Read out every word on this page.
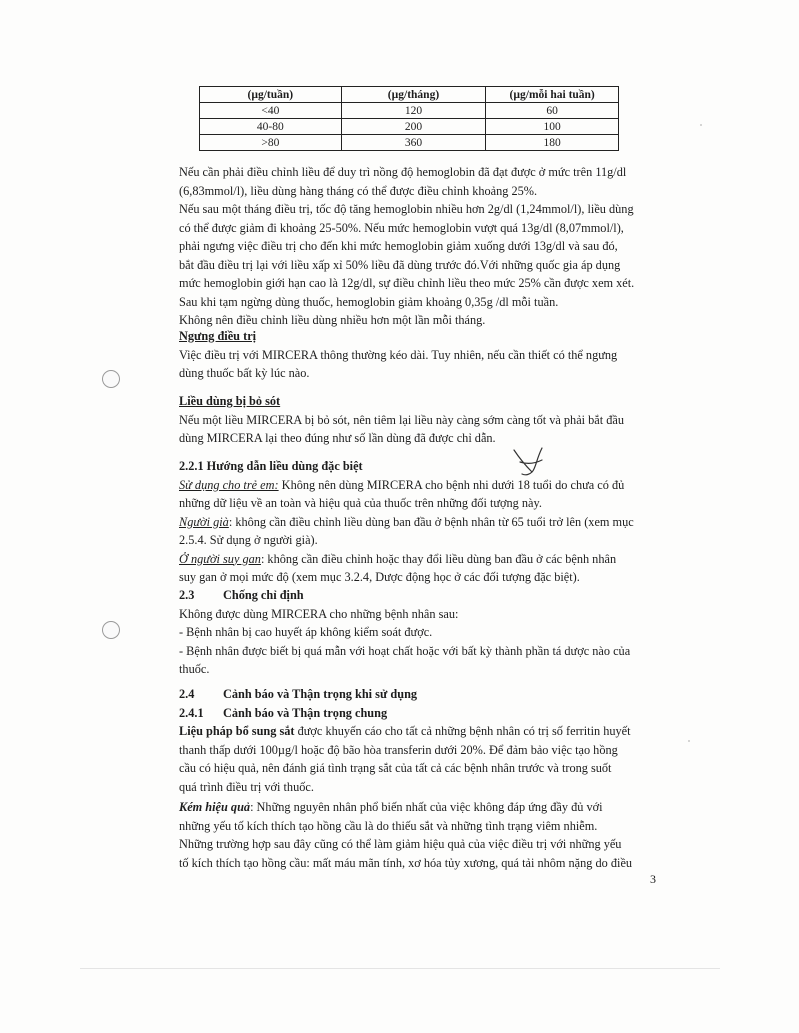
(µg/tuần)	(µg/tháng)	(µg/mỗi hai tuần)
<40	120	60
40-80	200	100
>80	360	180

Nếu cần phải điều chỉnh liều để duy trì nồng độ hemoglobin đã đạt được ở mức trên 11g/dl

(6,83mmol/l), liều dùng hàng tháng có thể được điều chỉnh khoảng 25%.

Nếu sau một tháng điều trị, tốc độ tăng hemoglobin nhiều hơn 2g/dl (1,24mmol/l), liều dùng

có thể được giảm đi khoảng 25-50%. Nếu mức hemoglobin vượt quá 13g/dl (8,07mmol/l),

phải ngưng việc điều trị cho đến khi mức hemoglobin giảm xuống dưới 13g/dl và sau đó,

bắt đầu điều trị lại với liều xấp xỉ 50% liều đã dùng trước đó.Với những quốc gia áp dụng

mức hemoglobin giới hạn cao là 12g/dl, sự điều chỉnh liều theo mức 25% cần được xem xét.

Sau khi tạm ngừng dùng thuốc, hemoglobin giảm khoảng 0,35g /dl mỗi tuần.

Không nên điều chỉnh liều dùng nhiều hơn một lần mỗi tháng.

Ngưng điều trị

Việc điều trị với MIRCERA thông thường kéo dài. Tuy nhiên, nếu cần thiết có thể ngưng

dùng thuốc bất kỳ lúc nào.

Liều dùng bị bỏ sót

Nếu một liều MIRCERA bị bỏ sót, nên tiêm lại liều này càng sớm càng tốt và phải bắt đầu

dùng MIRCERA lại theo đúng như số lần dùng đã được chỉ dẫn.

2.2.1 Hướng dẫn liều dùng đặc biệt

Sử dụng cho trẻ em: Không nên dùng MIRCERA cho bệnh nhi dưới 18 tuổi do chưa có đủ

những dữ liệu về an toàn và hiệu quả của thuốc trên những đối tượng này.

Người già: không cần điều chỉnh liều dùng ban đầu ở bệnh nhân từ 65 tuổi trở lên (xem mục

2.5.4. Sử dụng ở người già).

Ở người suy gan: không cần điều chỉnh hoặc thay đổi liều dùng ban đầu ở các bệnh nhân

suy gan ở mọi mức độ (xem mục 3.2.4, Dược động học ở các đối tượng đặc biệt).

2.3 Chống chỉ định

Không được dùng MIRCERA cho những bệnh nhân sau:

- Bệnh nhân bị cao huyết áp không kiểm soát được.

- Bệnh nhân được biết bị quá mẫn với hoạt chất hoặc với bất kỳ thành phần tá dược nào của

thuốc.

2.4 Cảnh báo và Thận trọng khi sử dụng

2.4.1 Cảnh báo và Thận trọng chung

Liệu pháp bổ sung sắt được khuyến cáo cho tất cả những bệnh nhân có trị số ferritin huyết

thanh thấp dưới 100µg/l hoặc độ bão hòa transferin dưới 20%. Để đảm bảo việc tạo hồng

cầu có hiệu quả, nên đánh giá tình trạng sắt của tất cả các bệnh nhân trước và trong suốt

quá trình điều trị với thuốc.

Kém hiệu quả: Những nguyên nhân phổ biến nhất của việc không đáp ứng đầy đủ với

những yếu tố kích thích tạo hồng cầu là do thiếu sắt và những tình trạng viêm nhiễm.

Những trường hợp sau đây cũng có thể làm giảm hiệu quả của việc điều trị với những yếu

tố kích thích tạo hồng cầu: mất máu mãn tính, xơ hóa tủy xương, quá tải nhôm nặng do điều

3
